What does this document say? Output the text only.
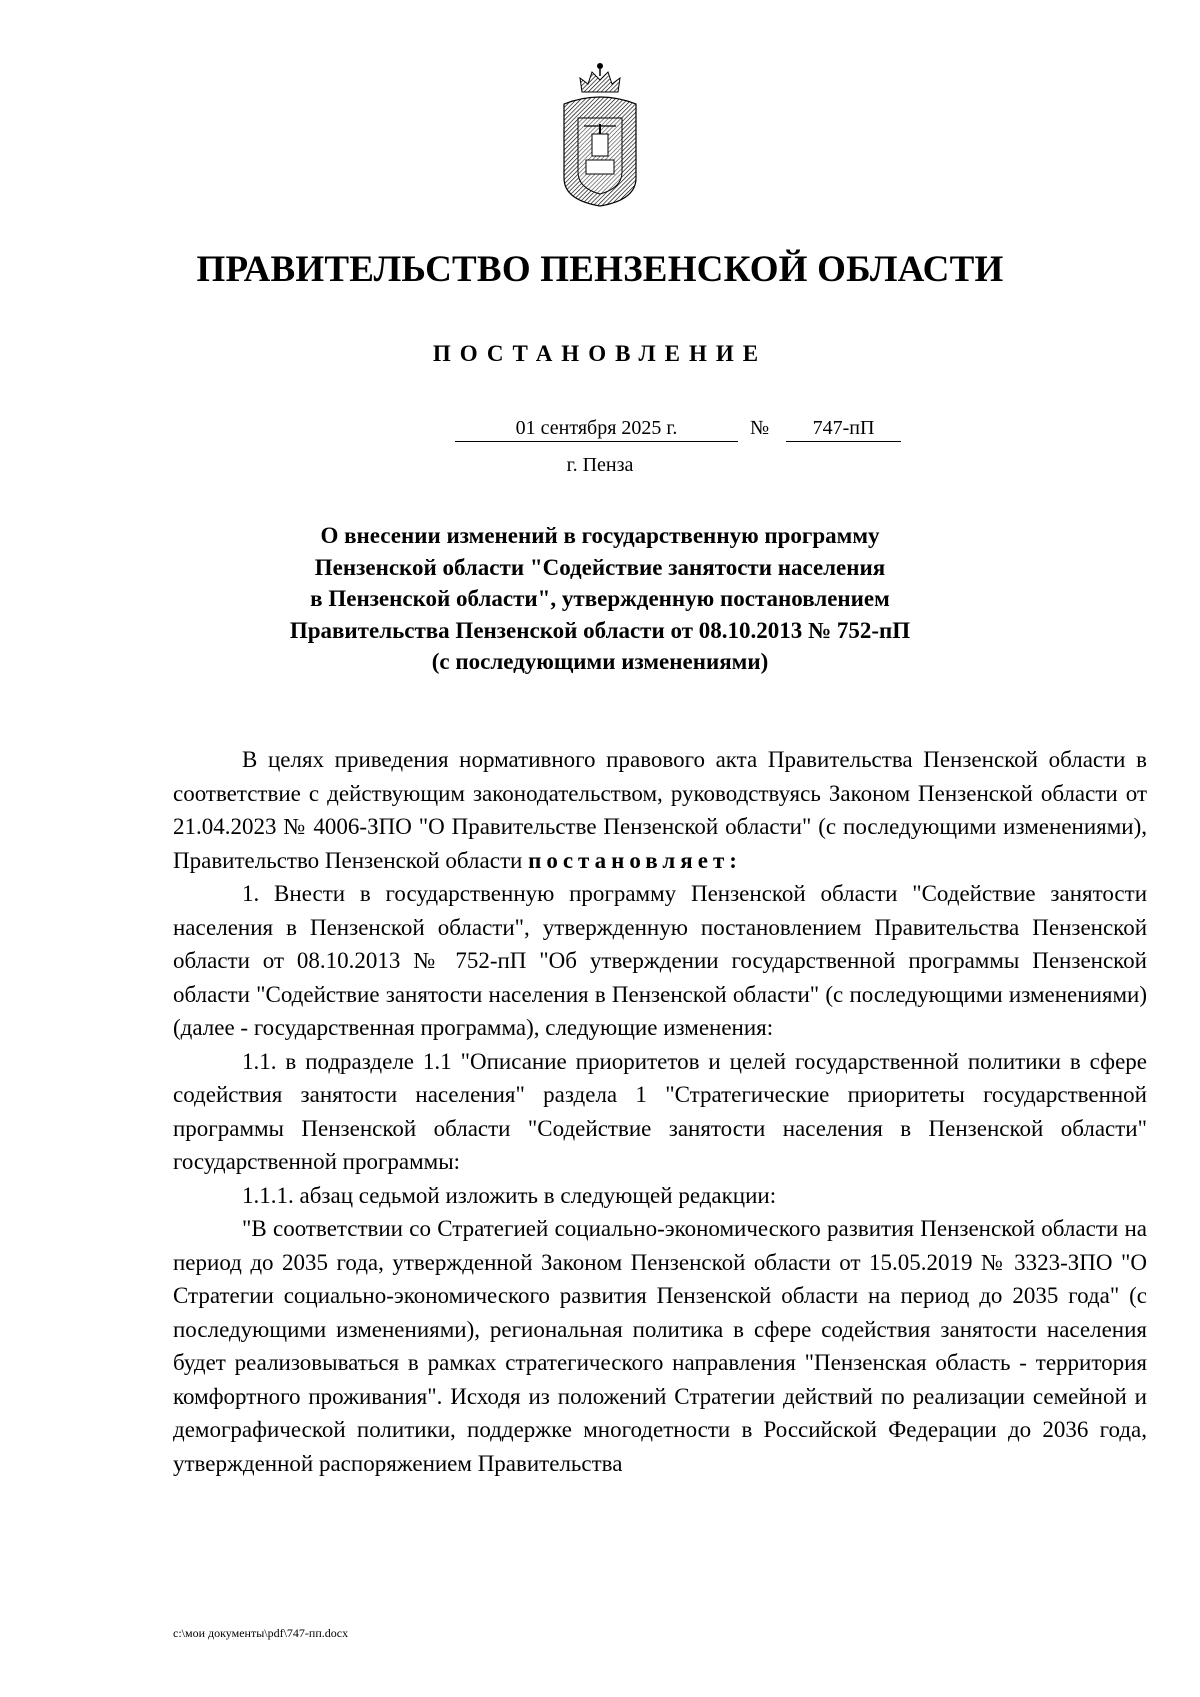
ПРАВИТЕЛЬСТВО ПЕНЗЕНСКОЙ ОБЛАСТИ
ПОСТАНОВЛЕНИЕ
01 сентября 2025 г.	№	747-пП
г. Пенза
О внесении изменений в государственную программу
Пензенской области "Содействие занятости населения
в Пензенской области", утвержденную постановлением
Правительства Пензенской области от 08.10.2013 № 752-пП
(с последующими изменениями)

В целях приведения нормативного правового акта Правительства Пензенской области в соответствие с действующим законодательством, руководствуясь Законом Пензенской области от 21.04.2023 № 4006-ЗПО "О Правительстве Пензенской области" (с последующими изменениями), Правительство Пензенской области постановляет:

1. Внести в государственную программу Пензенской области "Содействие занятости населения в Пензенской области", утвержденную постановлением Правительства Пензенской области от 08.10.2013 № 752-пП "Об утверждении государственной программы Пензенской области "Содействие занятости населения в Пензенской области" (с последующими изменениями) (далее - государственная программа), следующие изменения:

1.1. в подразделе 1.1 "Описание приоритетов и целей государственной политики в сфере содействия занятости населения" раздела 1 "Стратегические приоритеты государственной программы Пензенской области "Содействие занятости населения в Пензенской области" государственной программы:

1.1.1. абзац седьмой изложить в следующей редакции:

"В соответствии со Стратегией социально-экономического развития Пензенской области на период до 2035 года, утвержденной Законом Пензенской области от 15.05.2019 № 3323-ЗПО "О Стратегии социально-экономического развития Пензенской области на период до 2035 года" (с последующими изменениями), региональная политика в сфере содействия занятости населения будет реализовываться в рамках стратегического направления "Пензенская область - территория комфортного проживания". Исходя из положений Стратегии действий по реализации семейной и демографической политики, поддержке многодетности в Российской Федерации до 2036 года, утвержденной распоряжением Правительства

c:\мои документы\pdf\747-пп.docx
